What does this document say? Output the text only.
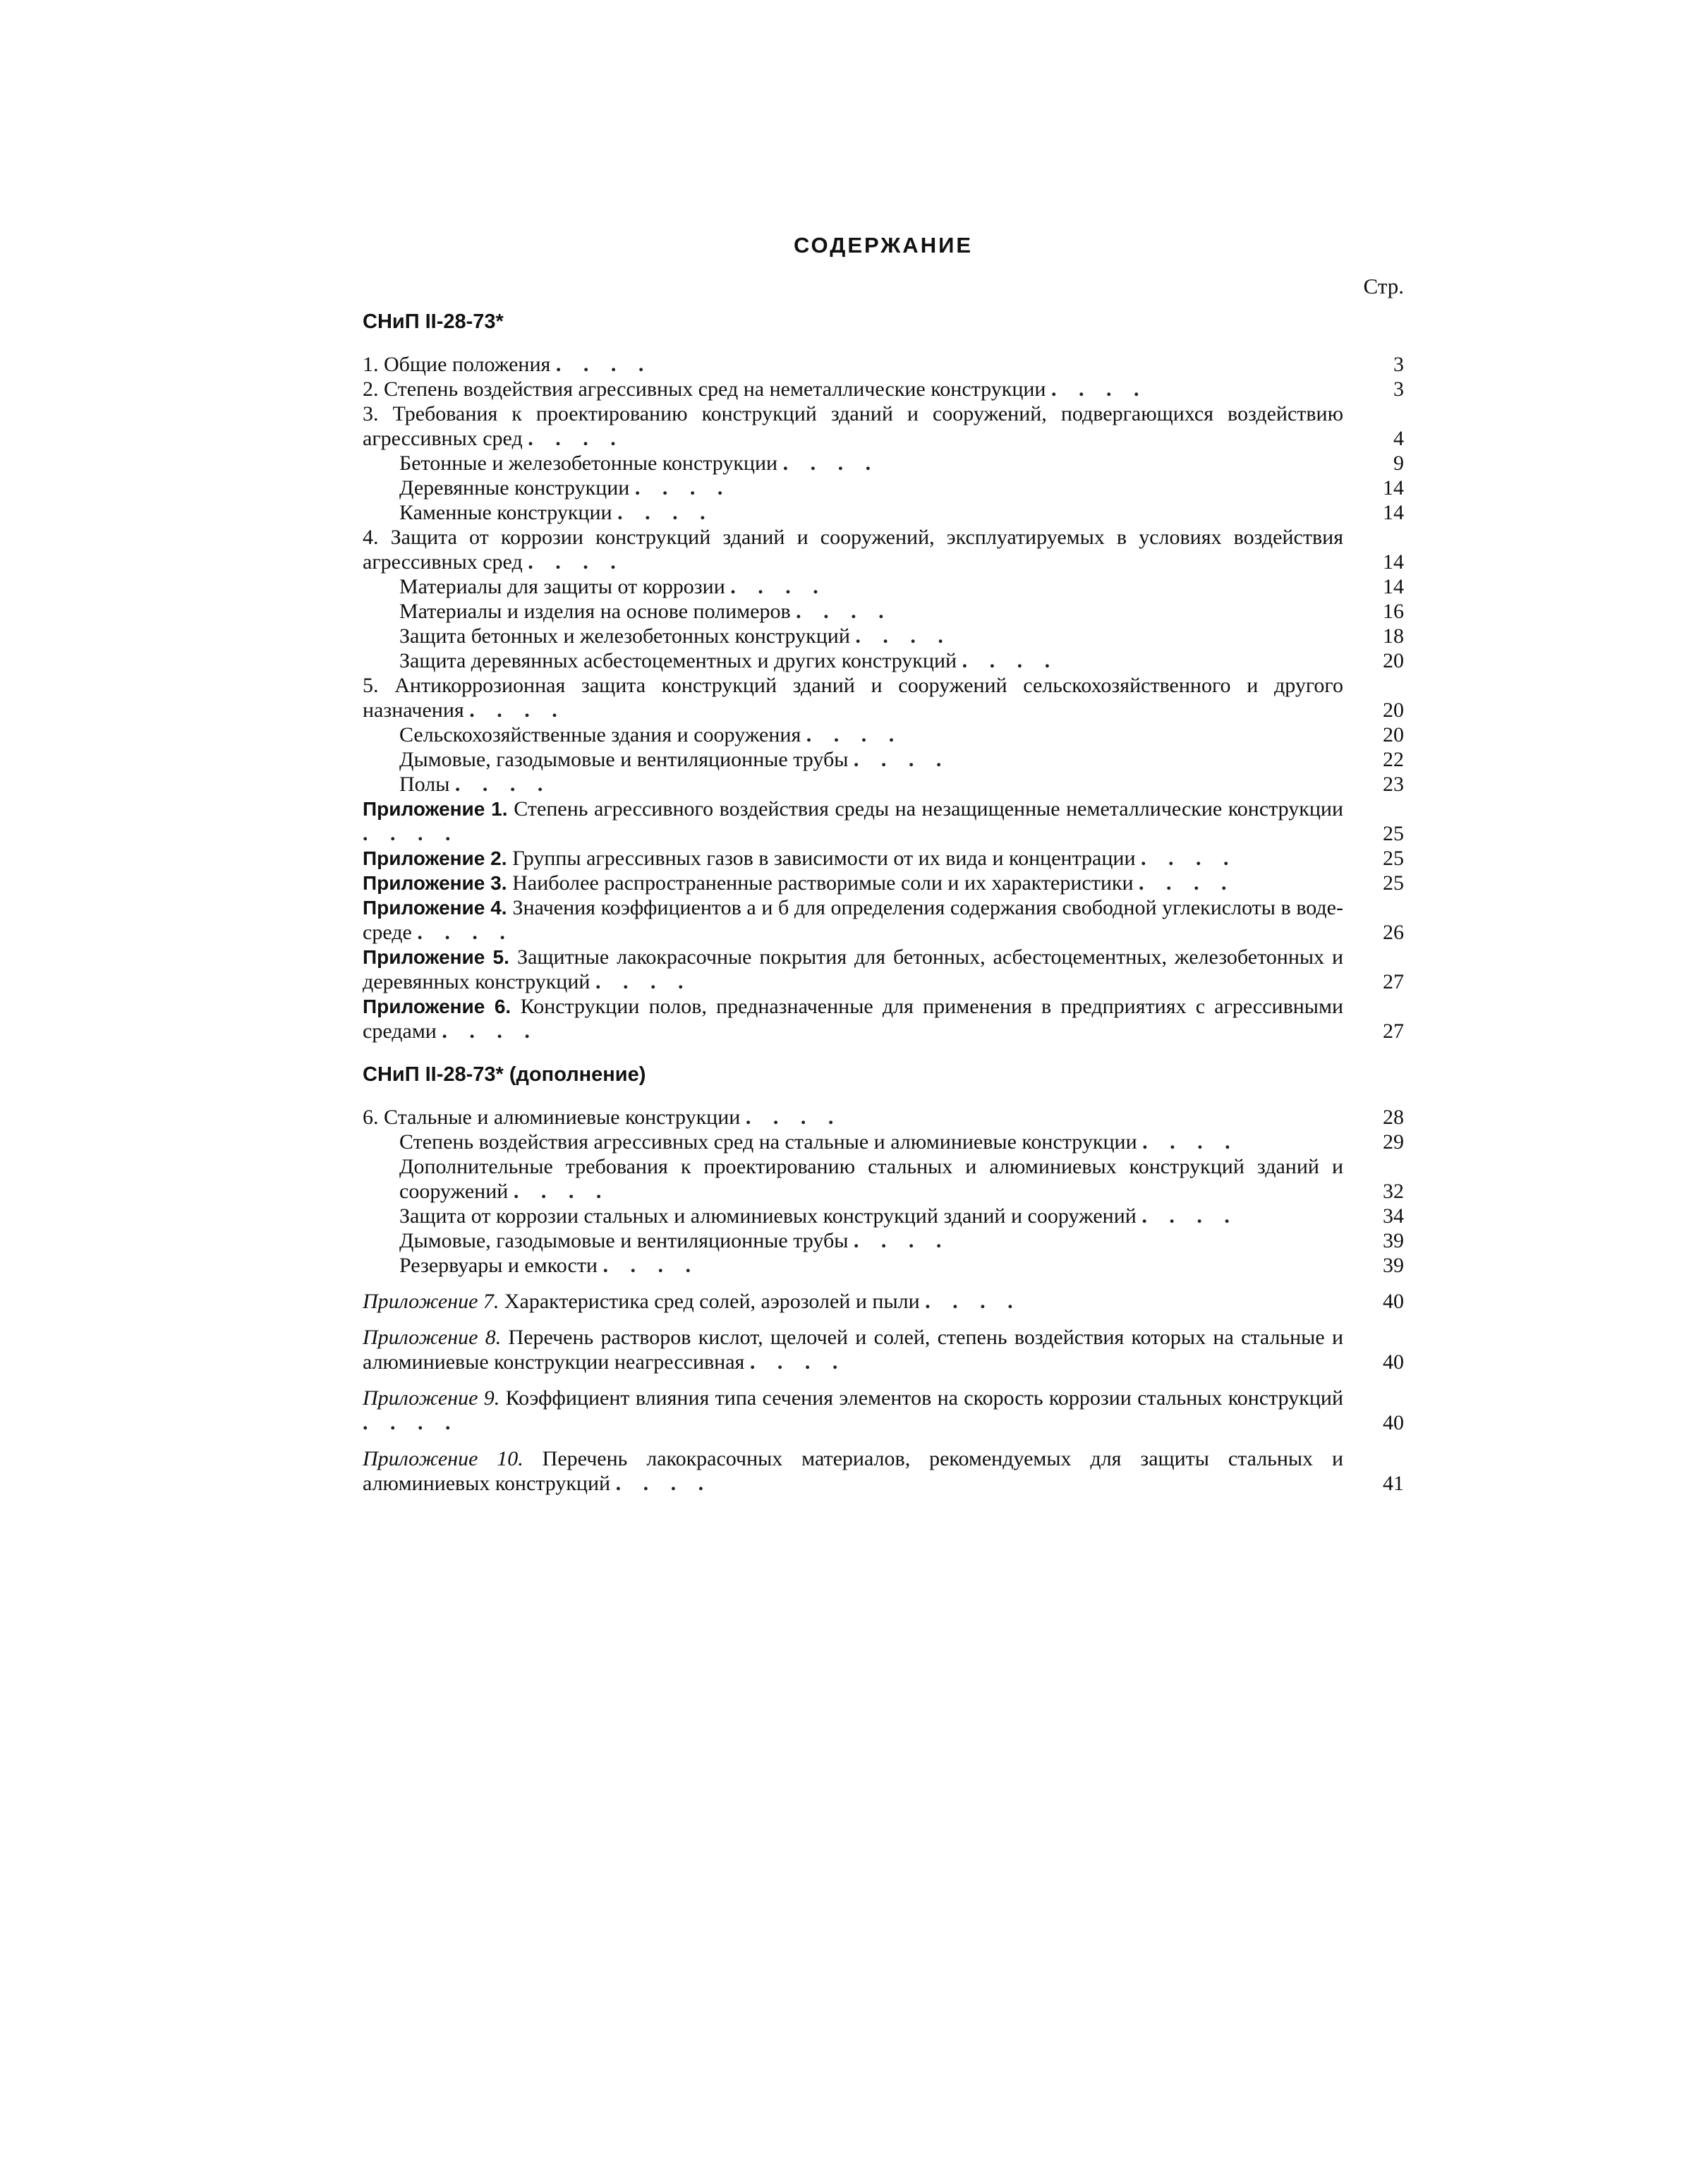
СОДЕРЖАНИЕ
Стр.
СНиП II-28-73*
1. Общие положения . . . .	3
2. Степень воздействия агрессивных сред на неметаллические конструкции . . . .	3
3. Требования к проектированию конструкций зданий и сооружений, подвергающихся воздействию агрессивных сред . . . .	4
Бетонные и железобетонные конструкции . . . .	9
Деревянные конструкции . . . .	14
Каменные конструкции . . . .	14
4. Защита от коррозии конструкций зданий и сооружений, эксплуатируемых в условиях воздействия агрессивных сред . . . .	14
Материалы для защиты от коррозии . . . .	14
Материалы и изделия на основе полимеров . . . .	16
Защита бетонных и железобетонных конструкций . . . .	18
Защита деревянных асбестоцементных и других конструкций . . . .	20
5. Антикоррозионная защита конструкций зданий и сооружений сельскохозяйственного и другого назначения . . . .	20
Сельскохозяйственные здания и сооружения . . . .	20
Дымовые, газодымовые и вентиляционные трубы . . . .	22
Полы . . . .	23
Приложение 1. Степень агрессивного воздействия среды на незащищенные неметаллические конструкции . . . .	25
Приложение 2. Группы агрессивных газов в зависимости от их вида и концентрации . . . .	25
Приложение 3. Наиболее распространенные растворимые соли и их характеристики . . . .	25
Приложение 4. Значения коэффициентов а и б для определения содержания свободной углекислоты в воде-среде . . . .	26
Приложение 5. Защитные лакокрасочные покрытия для бетонных, асбестоцементных, железобетонных и деревянных конструкций . . . .	27
Приложение 6. Конструкции полов, предназначенные для применения в предприятиях с агрессивными средами . . . .	27
СНиП II-28-73* (дополнение)
6. Стальные и алюминиевые конструкции . . . .	28
Степень воздействия агрессивных сред на стальные и алюминиевые конструкции . . . .	29
Дополнительные требования к проектированию стальных и алюминиевых конструкций зданий и сооружений . . . .	32
Защита от коррозии стальных и алюминиевых конструкций зданий и сооружений . . . .	34
Дымовые, газодымовые и вентиляционные трубы . . . .	39
Резервуары и емкости . . . .	39
Приложение 7. Характеристика сред солей, аэрозолей и пыли . . . .	40
Приложение 8. Перечень растворов кислот, щелочей и солей, степень воздействия которых на стальные и алюминиевые конструкции неагрессивная . . . .	40
Приложение 9. Коэффициент влияния типа сечения элементов на скорость коррозии стальных конструкций . . . .	40
Приложение 10. Перечень лакокрасочных материалов, рекомендуемых для защиты стальных и алюминиевых конструкций . . . .	41
